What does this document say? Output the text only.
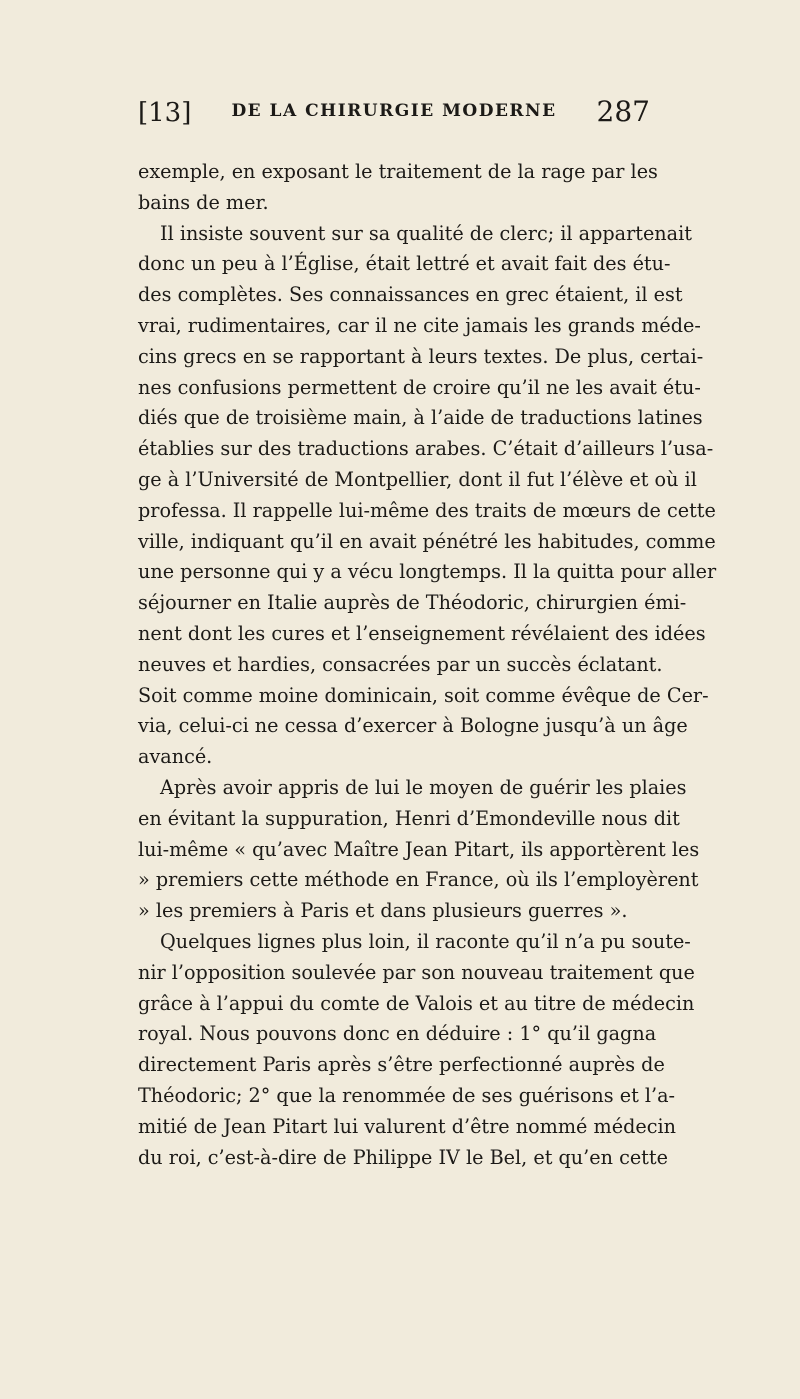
[13]	DE LA CHIRURGIE MODERNE	287
exemple, en exposant le traitement de la rage par les
bains de mer.
Il insiste souvent sur sa qualité de clerc; il appartenait
donc un peu à l’Église, était lettré et avait fait des étu-
des complètes. Ses connaissances en grec étaient, il est
vrai, rudimentaires, car il ne cite jamais les grands méde-
cins grecs en se rapportant à leurs textes. De plus, certai-
nes confusions permettent de croire qu’il ne les avait étu-
diés que de troisième main, à l’aide de traductions latines
établies sur des traductions arabes. C’était d’ailleurs l’usa-
ge à l’Université de Montpellier, dont il fut l’élève et où il
professa. Il rappelle lui-même des traits de mœurs de cette
ville, indiquant qu’il en avait pénétré les habitudes, comme
une personne qui y a vécu longtemps. Il la quitta pour aller
séjourner en Italie auprès de Théodoric, chirurgien émi-
nent dont les cures et l’enseignement révélaient des idées
neuves et hardies, consacrées par un succès éclatant.
Soit comme moine dominicain, soit comme évêque de Cer-
via, celui-ci ne cessa d’exercer à Bologne jusqu’à un âge
avancé.
Après avoir appris de lui le moyen de guérir les plaies
en évitant la suppuration, Henri d’Emondeville nous dit
lui-même « qu’avec Maître Jean Pitart, ils apportèrent les
» premiers cette méthode en France, où ils l’employèrent
» les premiers à Paris et dans plusieurs guerres ».
Quelques lignes plus loin, il raconte qu’il n’a pu soute-
nir l’opposition soulevée par son nouveau traitement que
grâce à l’appui du comte de Valois et au titre de médecin
royal. Nous pouvons donc en déduire : 1° qu’il gagna
directement Paris après s’être perfectionné auprès de
Théodoric; 2° que la renommée de ses guérisons et l’a-
mitié de Jean Pitart lui valurent d’être nommé médecin
du roi, c’est-à-dire de Philippe IV le Bel, et qu’en cette
